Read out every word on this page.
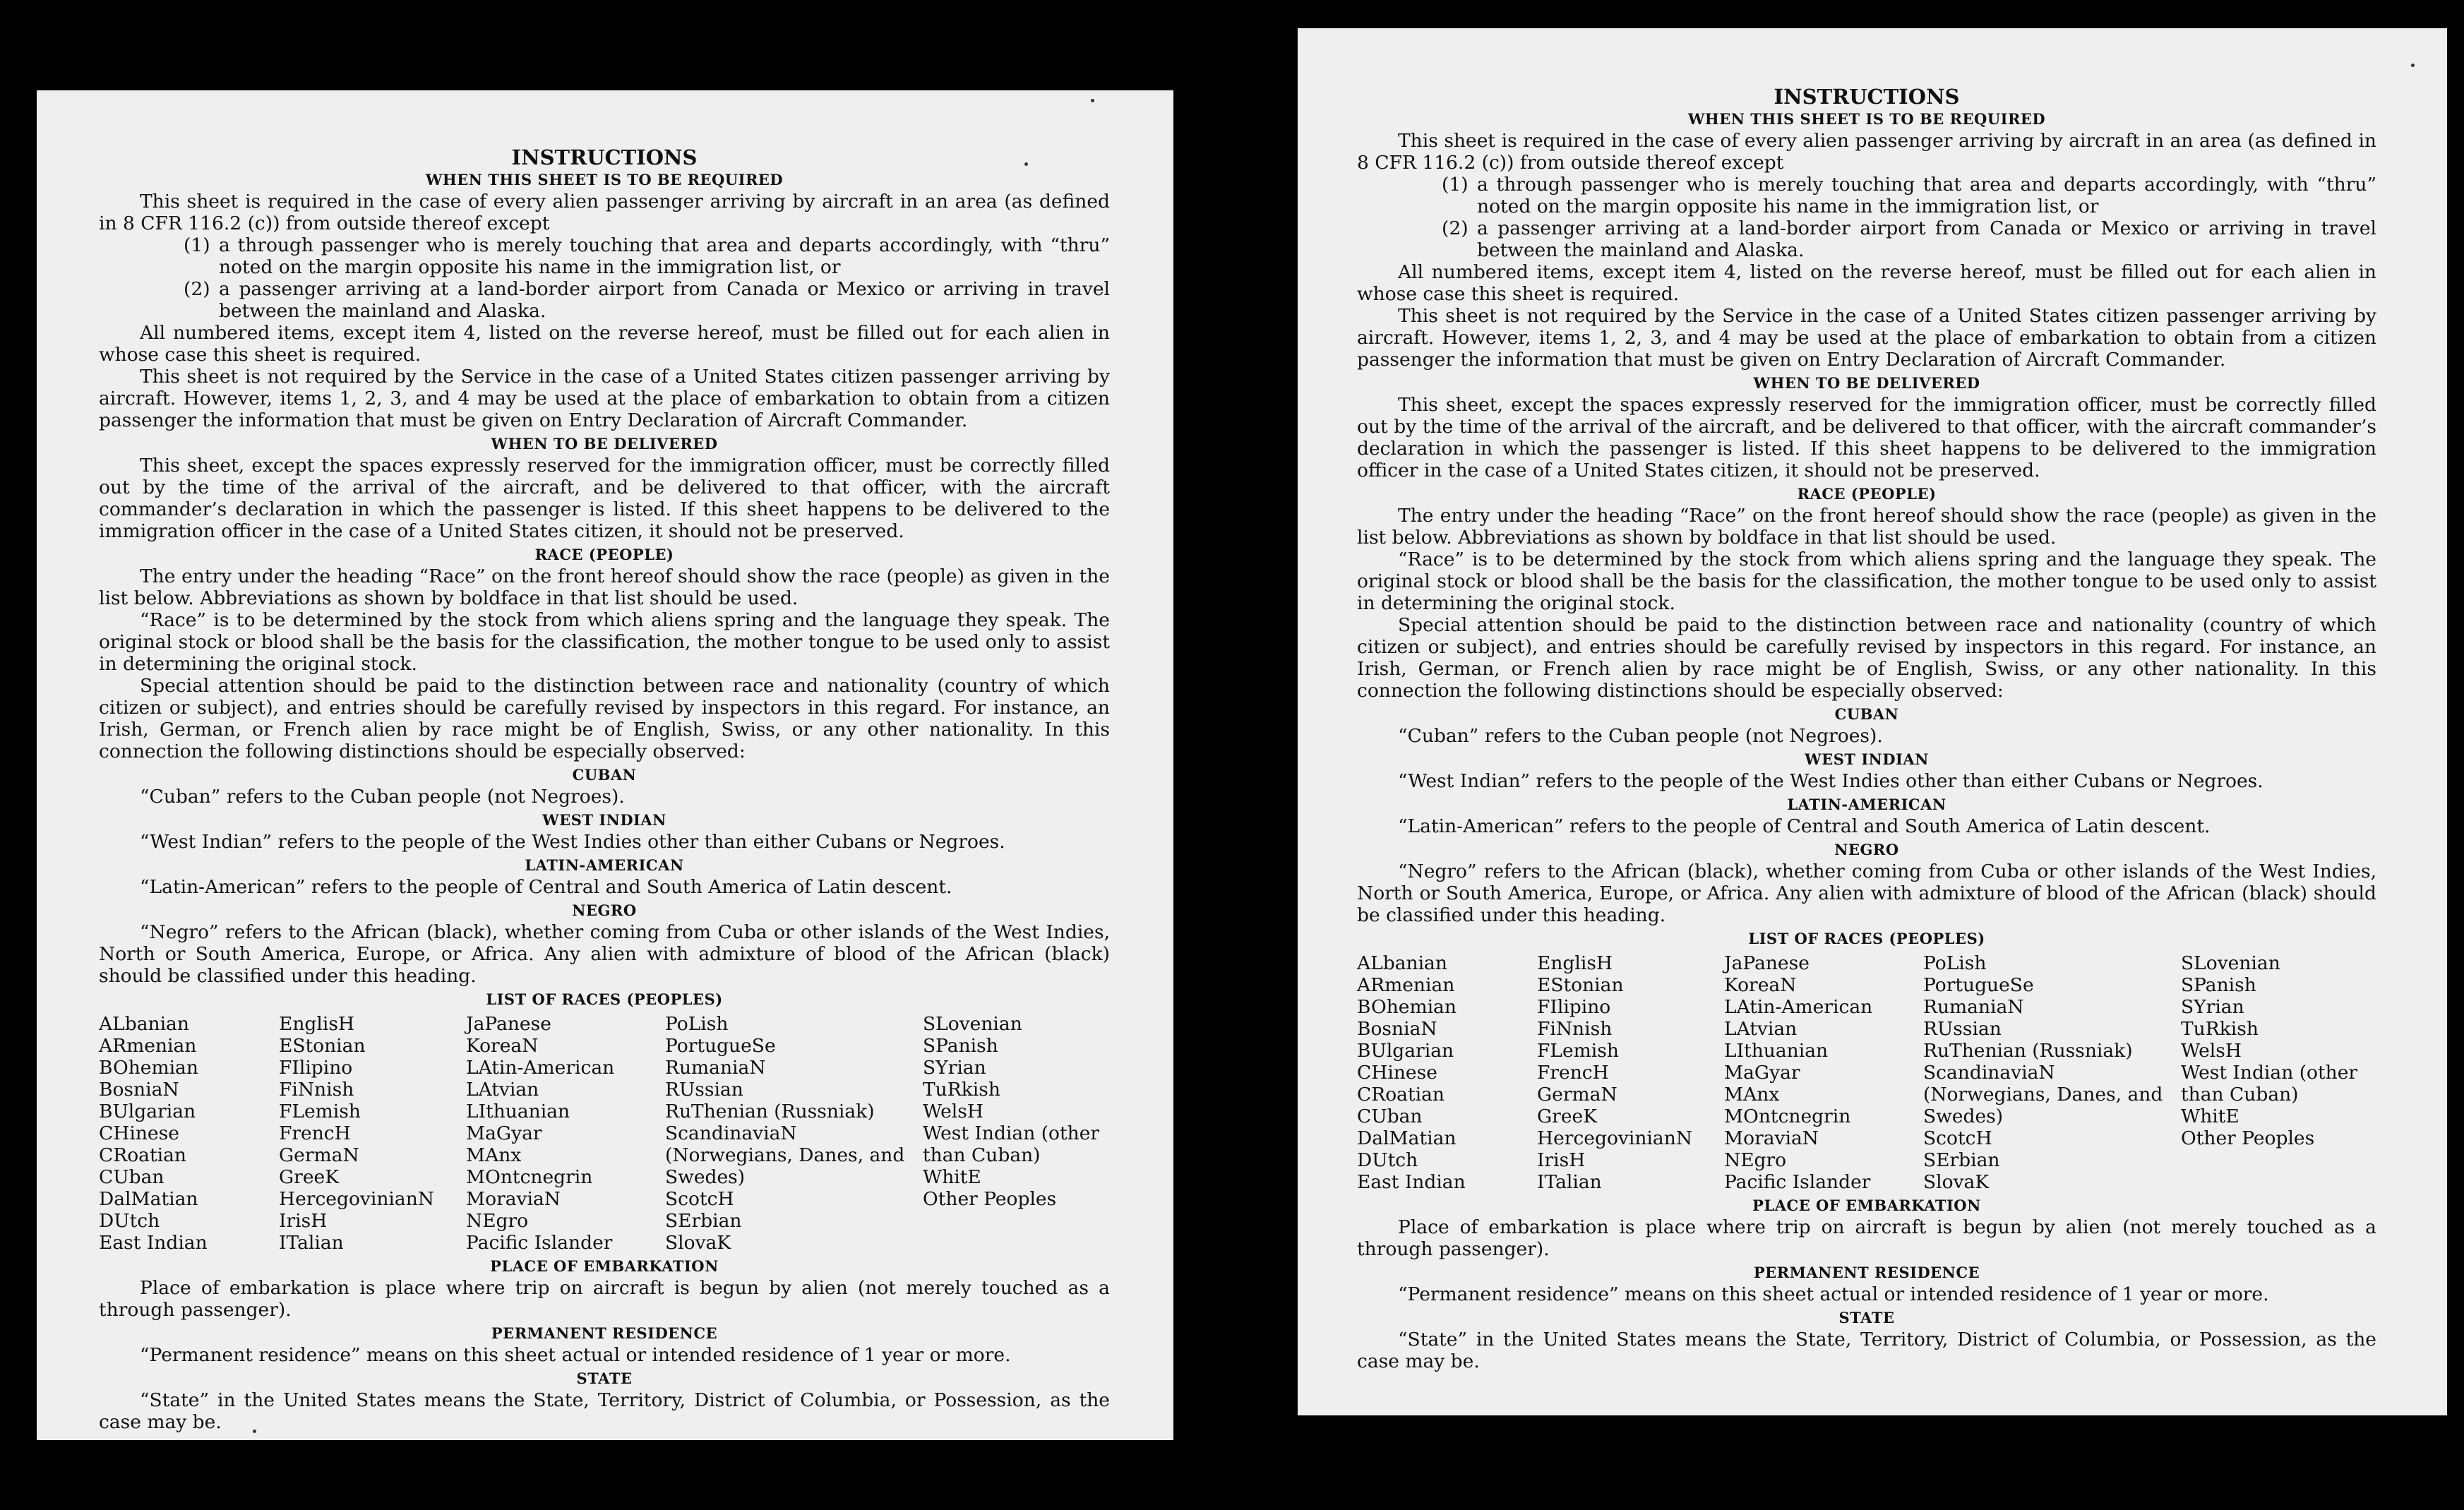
INSTRUCTIONS
WHEN THIS SHEET IS TO BE REQUIRED

This sheet is required in the case of every alien passenger arriving by aircraft in an area (as defined in 8 CFR 116.2 (c)) from outside thereof except

(1) a through passenger who is merely touching that area and departs accordingly, with “thru” noted on the margin opposite his name in the immigration list, or
(2) a passenger arriving at a land-border airport from Canada or Mexico or arriving in travel between the mainland and Alaska.

All numbered items, except item 4, listed on the reverse hereof, must be filled out for each alien in whose case this sheet is required.

This sheet is not required by the Service in the case of a United States citizen passenger arriving by aircraft. However, items 1, 2, 3, and 4 may be used at the place of embarkation to obtain from a citizen passenger the information that must be given on Entry Declaration of Aircraft Commander.

WHEN TO BE DELIVERED

This sheet, except the spaces expressly reserved for the immigration officer, must be correctly filled out by the time of the arrival of the aircraft, and be delivered to that officer, with the aircraft commander’s declaration in which the passenger is listed. If this sheet happens to be delivered to the immigration officer in the case of a United States citizen, it should not be preserved.

RACE (PEOPLE)

The entry under the heading “Race” on the front hereof should show the race (people) as given in the list below. Abbreviations as shown by boldface in that list should be used.

“Race” is to be determined by the stock from which aliens spring and the language they speak. The original stock or blood shall be the basis for the classification, the mother tongue to be used only to assist in determining the original stock.

Special attention should be paid to the distinction between race and nationality (country of which citizen or subject), and entries should be carefully revised by inspectors in this regard. For instance, an Irish, German, or French alien by race might be of English, Swiss, or any other nationality. In this connection the following distinctions should be especially observed:

CUBAN

“Cuban” refers to the Cuban people (not Negroes).

WEST INDIAN

“West Indian” refers to the people of the West Indies other than either Cubans or Negroes.

LATIN-AMERICAN

“Latin-American” refers to the people of Central and South America of Latin descent.

NEGRO

“Negro” refers to the African (black), whether coming from Cuba or other islands of the West Indies, North or South America, Europe, or Africa. Any alien with admixture of blood of the African (black) should be classified under this heading.

LIST OF RACES (PEOPLES)
ALbanian
ARmenian
BOhemian
BosniaN
BUlgarian
CHinese
CRoatian
CUban
DalMatian
DUtch
East Indian
EnglisH
EStonian
FIlipino
FiNnish
FLemish
FrencH
GermaN
GreeK
HercegovinianN
IrisH
ITalian
JaPanese
KoreaN
LAtin-American
LAtvian
LIthuanian
MaGyar
MAnx
MOntcnegrin
MoraviaN
NEgro
Pacific Islander
PoLish
PortugueSe
RumaniaN
RUssian
RuThenian (Russniak)
ScandinaviaN (Norwegians, Danes, and Swedes)
ScotcH
SErbian
SlovaK
SLovenian
SPanish
SYrian
TuRkish
WelsH
West Indian (other than Cuban)
WhitE
Other Peoples
PLACE OF EMBARKATION

Place of embarkation is place where trip on aircraft is begun by alien (not merely touched as a through passenger).

PERMANENT RESIDENCE

“Permanent residence” means on this sheet actual or intended residence of 1 year or more.

STATE

“State” in the United States means the State, Territory, District of Columbia, or Possession, as the case may be.

INSTRUCTIONS
WHEN THIS SHEET IS TO BE REQUIRED

This sheet is required in the case of every alien passenger arriving by aircraft in an area (as defined in 8 CFR 116.2 (c)) from outside thereof except

(1) a through passenger who is merely touching that area and departs accordingly, with “thru” noted on the margin opposite his name in the immigration list, or
(2) a passenger arriving at a land-border airport from Canada or Mexico or arriving in travel between the mainland and Alaska.

All numbered items, except item 4, listed on the reverse hereof, must be filled out for each alien in whose case this sheet is required.

This sheet is not required by the Service in the case of a United States citizen passenger arriving by aircraft. However, items 1, 2, 3, and 4 may be used at the place of embarkation to obtain from a citizen passenger the information that must be given on Entry Declaration of Aircraft Commander.

WHEN TO BE DELIVERED

This sheet, except the spaces expressly reserved for the immigration officer, must be correctly filled out by the time of the arrival of the aircraft, and be delivered to that officer, with the aircraft commander’s declaration in which the passenger is listed. If this sheet happens to be delivered to the immigration officer in the case of a United States citizen, it should not be preserved.

RACE (PEOPLE)

The entry under the heading “Race” on the front hereof should show the race (people) as given in the list below. Abbreviations as shown by boldface in that list should be used.

“Race” is to be determined by the stock from which aliens spring and the language they speak. The original stock or blood shall be the basis for the classification, the mother tongue to be used only to assist in determining the original stock.

Special attention should be paid to the distinction between race and nationality (country of which citizen or subject), and entries should be carefully revised by inspectors in this regard. For instance, an Irish, German, or French alien by race might be of English, Swiss, or any other nationality. In this connection the following distinctions should be especially observed:

CUBAN

“Cuban” refers to the Cuban people (not Negroes).

WEST INDIAN

“West Indian” refers to the people of the West Indies other than either Cubans or Negroes.

LATIN-AMERICAN

“Latin-American” refers to the people of Central and South America of Latin descent.

NEGRO

“Negro” refers to the African (black), whether coming from Cuba or other islands of the West Indies, North or South America, Europe, or Africa. Any alien with admixture of blood of the African (black) should be classified under this heading.

LIST OF RACES (PEOPLES)
ALbanian
ARmenian
BOhemian
BosniaN
BUlgarian
CHinese
CRoatian
CUban
DalMatian
DUtch
East Indian
EnglisH
EStonian
FIlipino
FiNnish
FLemish
FrencH
GermaN
GreeK
HercegovinianN
IrisH
ITalian
JaPanese
KoreaN
LAtin-American
LAtvian
LIthuanian
MaGyar
MAnx
MOntcnegrin
MoraviaN
NEgro
Pacific Islander
PoLish
PortugueSe
RumaniaN
RUssian
RuThenian (Russniak)
ScandinaviaN (Norwegians, Danes, and Swedes)
ScotcH
SErbian
SlovaK
SLovenian
SPanish
SYrian
TuRkish
WelsH
West Indian (other than Cuban)
WhitE
Other Peoples
PLACE OF EMBARKATION

Place of embarkation is place where trip on aircraft is begun by alien (not merely touched as a through passenger).

PERMANENT RESIDENCE

“Permanent residence” means on this sheet actual or intended residence of 1 year or more.

STATE

“State” in the United States means the State, Territory, District of Columbia, or Possession, as the case may be.
